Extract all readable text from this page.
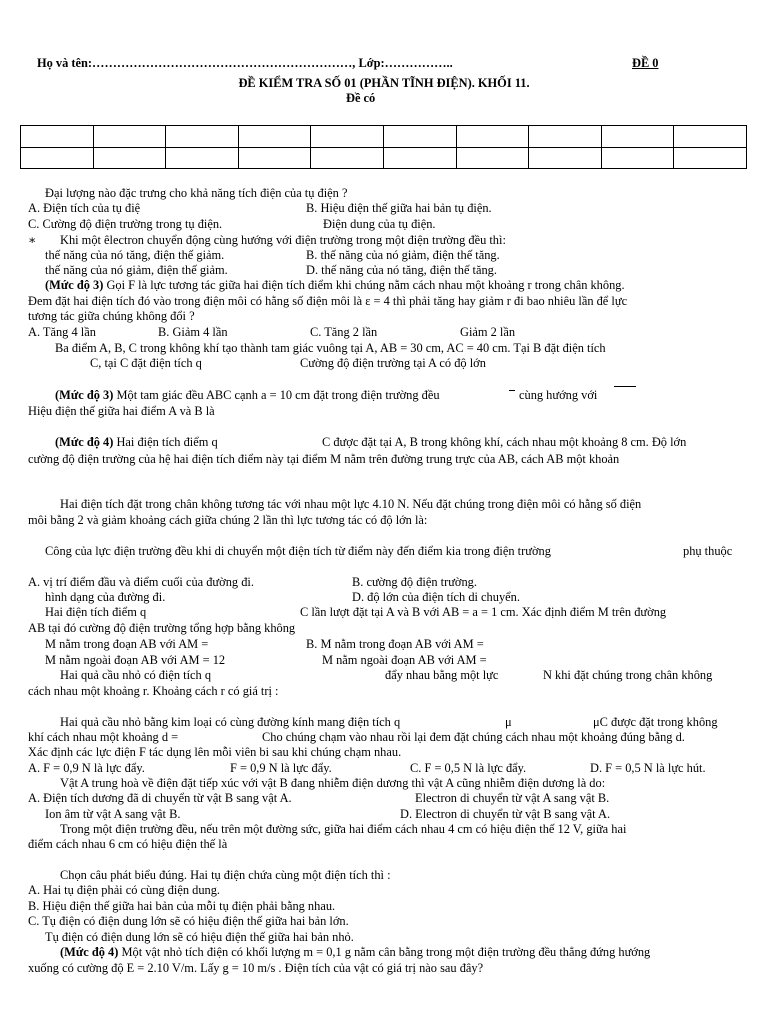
Họ và tên:………………………………………………………, Lớp:……………..	ĐỀ 0
ĐỀ KIỂM TRA SỐ 01 (PHẦN TĨNH ĐIỆN). KHỐI 11.
Đề có

Đại lượng nào đặc trưng cho khả năng tích điện của tụ điện ?
A. Điện tích của tụ điệ	B. Hiệu điện thế giữa hai bản tụ điện.
C. Cường độ điện trường trong tụ điện.	Điện dung của tụ điện.
∗ Khi một êlectron chuyển động cùng hướng với điện trường trong một điện trường đều thì:
thế năng của nó tăng, điện thế giảm.	B. thế năng của nó giảm, điện thế tăng.
thế năng của nó giảm, điện thế giảm.	D. thế năng của nó tăng, điện thế tăng.
(Mức độ 3) Gọi F là lực tương tác giữa hai điện tích điểm khi chúng nằm cách nhau một khoảng r trong chân không.
Đem đặt hai điện tích đó vào trong điện môi có hằng số điện môi là ε = 4 thì phải tăng hay giảm r đi bao nhiêu lần để lực
tương tác giữa chúng không đổi ?
A. Tăng 4 lần	B. Giảm 4 lần	C. Tăng 2 lần	Giảm 2 lần
Ba điểm A, B, C trong không khí tạo thành tam giác vuông tại A, AB = 30 cm, AC = 40 cm. Tại B đặt điện tích
C, tại C đặt điện tích q	Cường độ điện trường tại A có độ lớn
(Mức độ 3) Một tam giác đều ABC cạnh a = 10 cm đặt trong điện trường đều	cùng hướng với
Hiệu điện thế giữa hai điểm A và B là
(Mức độ 4) Hai điện tích điểm q	C được đặt tại A, B trong không khí, cách nhau một khoảng 8 cm. Độ lớn
cường độ điện trường của hệ hai điện tích điểm này tại điểm M nằm trên đường trung trực của AB, cách AB một khoản
Hai điện tích đặt trong chân không tương tác với nhau một lực 4.10 N. Nếu đặt chúng trong điện môi có hằng số điện
môi bằng 2 và giảm khoảng cách giữa chúng 2 lần thì lực tương tác có độ lớn là:
Công của lực điện trường đều khi di chuyển một điện tích từ điểm này đến điểm kia trong điện trường	phụ thuộc
A. vị trí điểm đầu và điểm cuối của đường đi.	B. cường độ điện trường.
hình dạng của đường đi.	D. độ lớn của điện tích di chuyển.
Hai điện tích điểm q	C lần lượt đặt tại A và B với AB = a = 1 cm. Xác định điểm M trên đường
AB tại đó cường độ điện trường tổng hợp bằng không
M nằm trong đoạn AB với AM =	B. M nằm trong đoạn AB với AM =
M nằm ngoài đoạn AB với AM = 12	M nằm ngoài đoạn AB với AM =
Hai quả cầu nhỏ có điện tích q	đẩy nhau bằng một lực	N khi đặt chúng trong chân không
cách nhau một khoảng r. Khoảng cách r có giá trị :
Hai quả cầu nhỏ bằng kim loại có cùng đường kính mang điện tích q	μ	μC được đặt trong không
khí cách nhau một khoảng d =	Cho chúng chạm vào nhau rồi lại đem đặt chúng cách nhau một khoảng đúng bằng d.
Xác định các lực điện F tác dụng lên mỗi viên bi sau khi chúng chạm nhau.
A. F = 0,9 N là lực đẩy.	F = 0,9 N là lực đẩy.	C. F = 0,5 N là lực đẩy.	D. F = 0,5 N là lực hút.
Vật A trung hoà về điện đặt tiếp xúc với vật B đang nhiễm điện dương thì vật A cũng nhiễm điện dương là do:
A. Điện tích dương đã di chuyển từ vật B sang vật A.	Electron di chuyển từ vật A sang vật B.
Ion âm từ vật A sang vật B.	D. Electron di chuyển từ vật B sang vật A.
Trong một điện trường đều, nếu trên một đường sức, giữa hai điểm cách nhau 4 cm có hiệu điện thế 12 V, giữa hai
điểm cách nhau 6 cm có hiệu điện thế là
Chọn câu phát biểu đúng. Hai tụ điện chứa cùng một điện tích thì :
A. Hai tụ điện phải có cùng điện dung.
B. Hiệu điện thế giữa hai bản của mỗi tụ điện phải bằng nhau.
C. Tụ điện có điện dung lớn sẽ có hiệu điện thế giữa hai bản lớn.
Tụ điện có điện dung lớn sẽ có hiệu điện thế giữa hai bản nhỏ.
(Mức độ 4) Một vật nhỏ tích điện có khối lượng m = 0,1 g nằm cân bằng trong một điện trường đều thẳng đứng hướng
xuống có cường độ E = 2.10 V/m. Lấy g = 10 m/s . Điện tích của vật có giá trị nào sau đây?
